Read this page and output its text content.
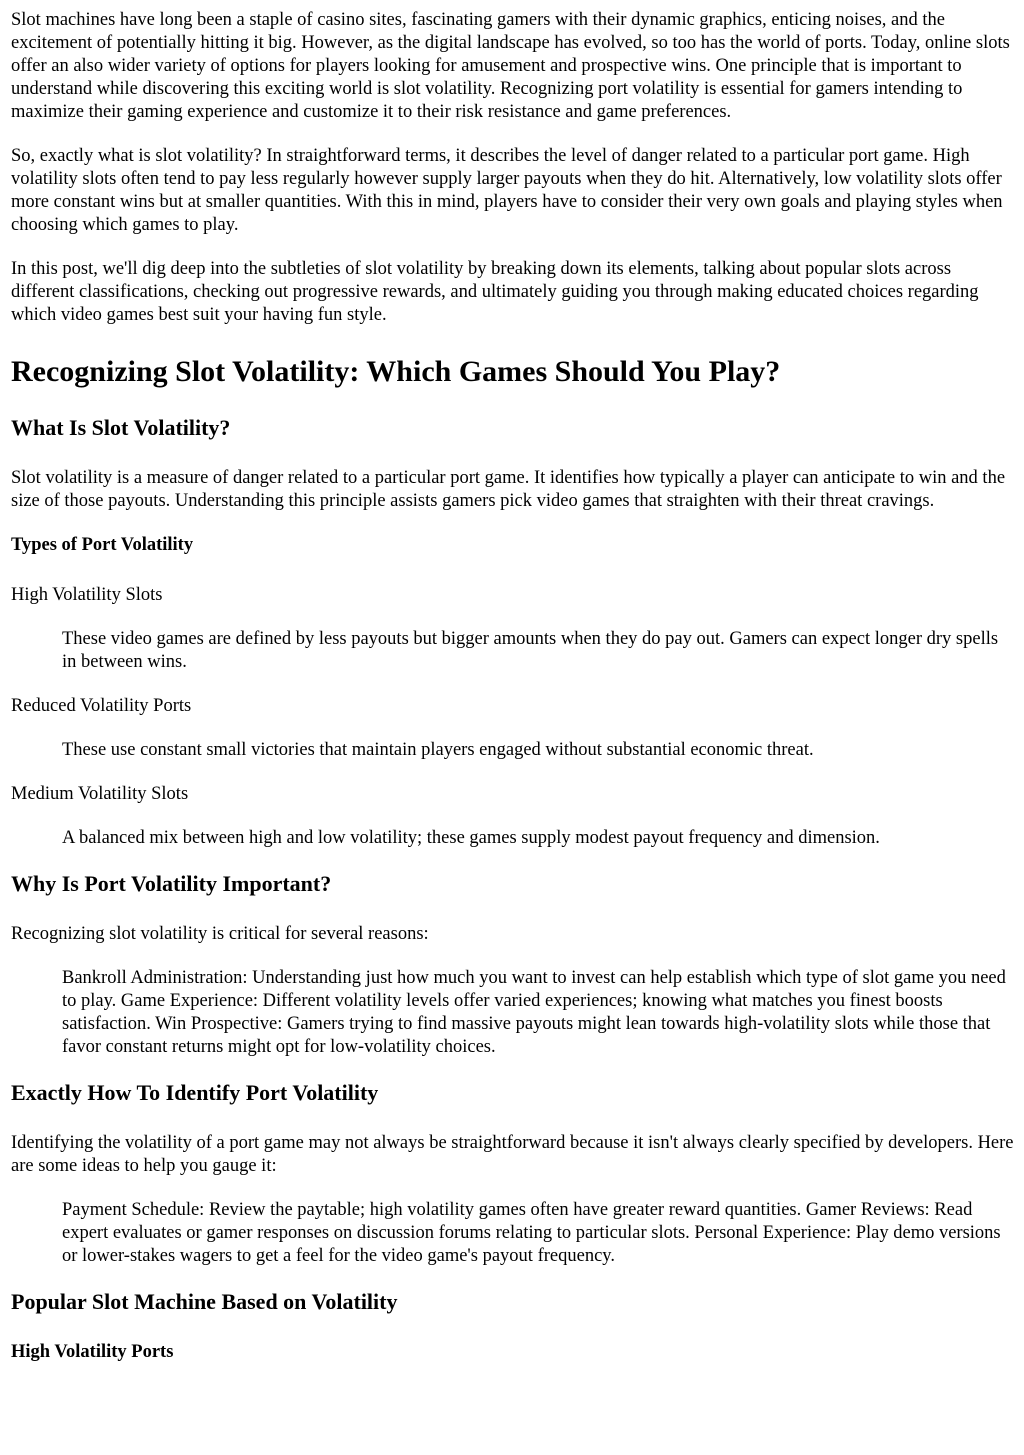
Slot machines have long been a staple of casino sites, fascinating gamers with their dynamic graphics, enticing noises, and the excitement of potentially hitting it big. However, as the digital landscape has evolved, so too has the world of ports. Today, online slots offer an also wider variety of options for players looking for amusement and prospective wins. One principle that is important to understand while discovering this exciting world is slot volatility. Recognizing port volatility is essential for gamers intending to maximize their gaming experience and customize it to their risk resistance and game preferences.

So, exactly what is slot volatility? In straightforward terms, it describes the level of danger related to a particular port game. High volatility slots often tend to pay less regularly however supply larger payouts when they do hit. Alternatively, low volatility slots offer more constant wins but at smaller quantities. With this in mind, players have to consider their very own goals and playing styles when choosing which games to play.

In this post, we'll dig deep into the subtleties of slot volatility by breaking down its elements, talking about popular slots across different classifications, checking out progressive rewards, and ultimately guiding you through making educated choices regarding which video games best suit your having fun style.

Recognizing Slot Volatility: Which Games Should You Play?
What Is Slot Volatility?

Slot volatility is a measure of danger related to a particular port game. It identifies how typically a player can anticipate to win and the size of those payouts. Understanding this principle assists gamers pick video games that straighten with their threat cravings.

Types of Port Volatility
High Volatility Slots
These video games are defined by less payouts but bigger amounts when they do pay out. Gamers can expect longer dry spells in between wins.
Reduced Volatility Ports
These use constant small victories that maintain players engaged without substantial economic threat.
Medium Volatility Slots
A balanced mix between high and low volatility; these games supply modest payout frequency and dimension.
Why Is Port Volatility Important?

Recognizing slot volatility is critical for several reasons:

Bankroll Administration: Understanding just how much you want to invest can help establish which type of slot game you need to play. Game Experience: Different volatility levels offer varied experiences; knowing what matches you finest boosts satisfaction. Win Prospective: Gamers trying to find massive payouts might lean towards high-volatility slots while those that favor constant returns might opt for low-volatility choices.
Exactly How To Identify Port Volatility

Identifying the volatility of a port game may not always be straightforward because it isn't always clearly specified by developers. Here are some ideas to help you gauge it:

Payment Schedule: Review the paytable; high volatility games often have greater reward quantities. Gamer Reviews: Read expert evaluates or gamer responses on discussion forums relating to particular slots. Personal Experience: Play demo versions or lower-stakes wagers to get a feel for the video game's payout frequency.
Popular Slot Machine Based on Volatility
High Volatility Ports
